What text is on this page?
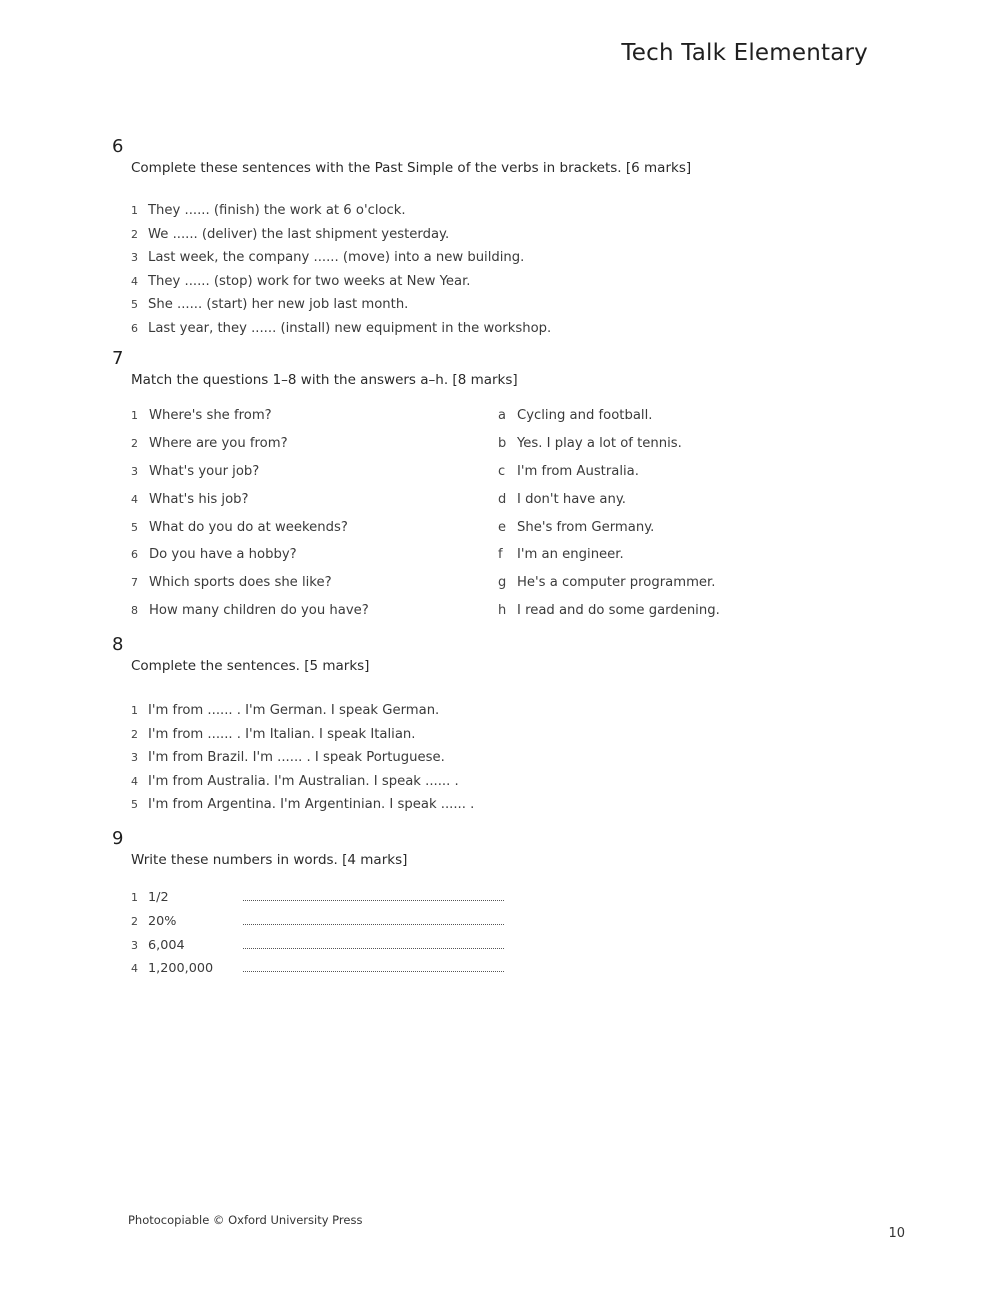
Tech Talk Elementary
6
Complete these sentences with the Past Simple of the verbs in brackets. [6 marks]
1 They ...... (finish) the work at 6 o'clock.
2 We ...... (deliver) the last shipment yesterday.
3 Last week, the company ...... (move) into a new building.
4 They ...... (stop) work for two weeks at New Year.
5 She ...... (start) her new job last month.
6 Last year, they ...... (install) new equipment in the workshop.
7
Match the questions 1–8 with the answers a–h. [8 marks]
1 Where's she from?
2 Where are you from?
3 What's your job?
4 What's his job?
5 What do you do at weekends?
6 Do you have a hobby?
7 Which sports does she like?
8 How many children do you have?
a Cycling and football.
b Yes. I play a lot of tennis.
c I'm from Australia.
d I don't have any.
e She's from Germany.
f I'm an engineer.
g He's a computer programmer.
h I read and do some gardening.
8
Complete the sentences. [5 marks]
1 I'm from ...... . I'm German. I speak German.
2 I'm from ...... . I'm Italian. I speak Italian.
3 I'm from Brazil. I'm ...... . I speak Portuguese.
4 I'm from Australia. I'm Australian. I speak ...... .
5 I'm from Argentina. I'm Argentinian. I speak ...... .
9
Write these numbers in words. [4 marks]
1 1/2
2 20%
3 6,004
4 1,200,000
Photocopiable © Oxford University Press
10
